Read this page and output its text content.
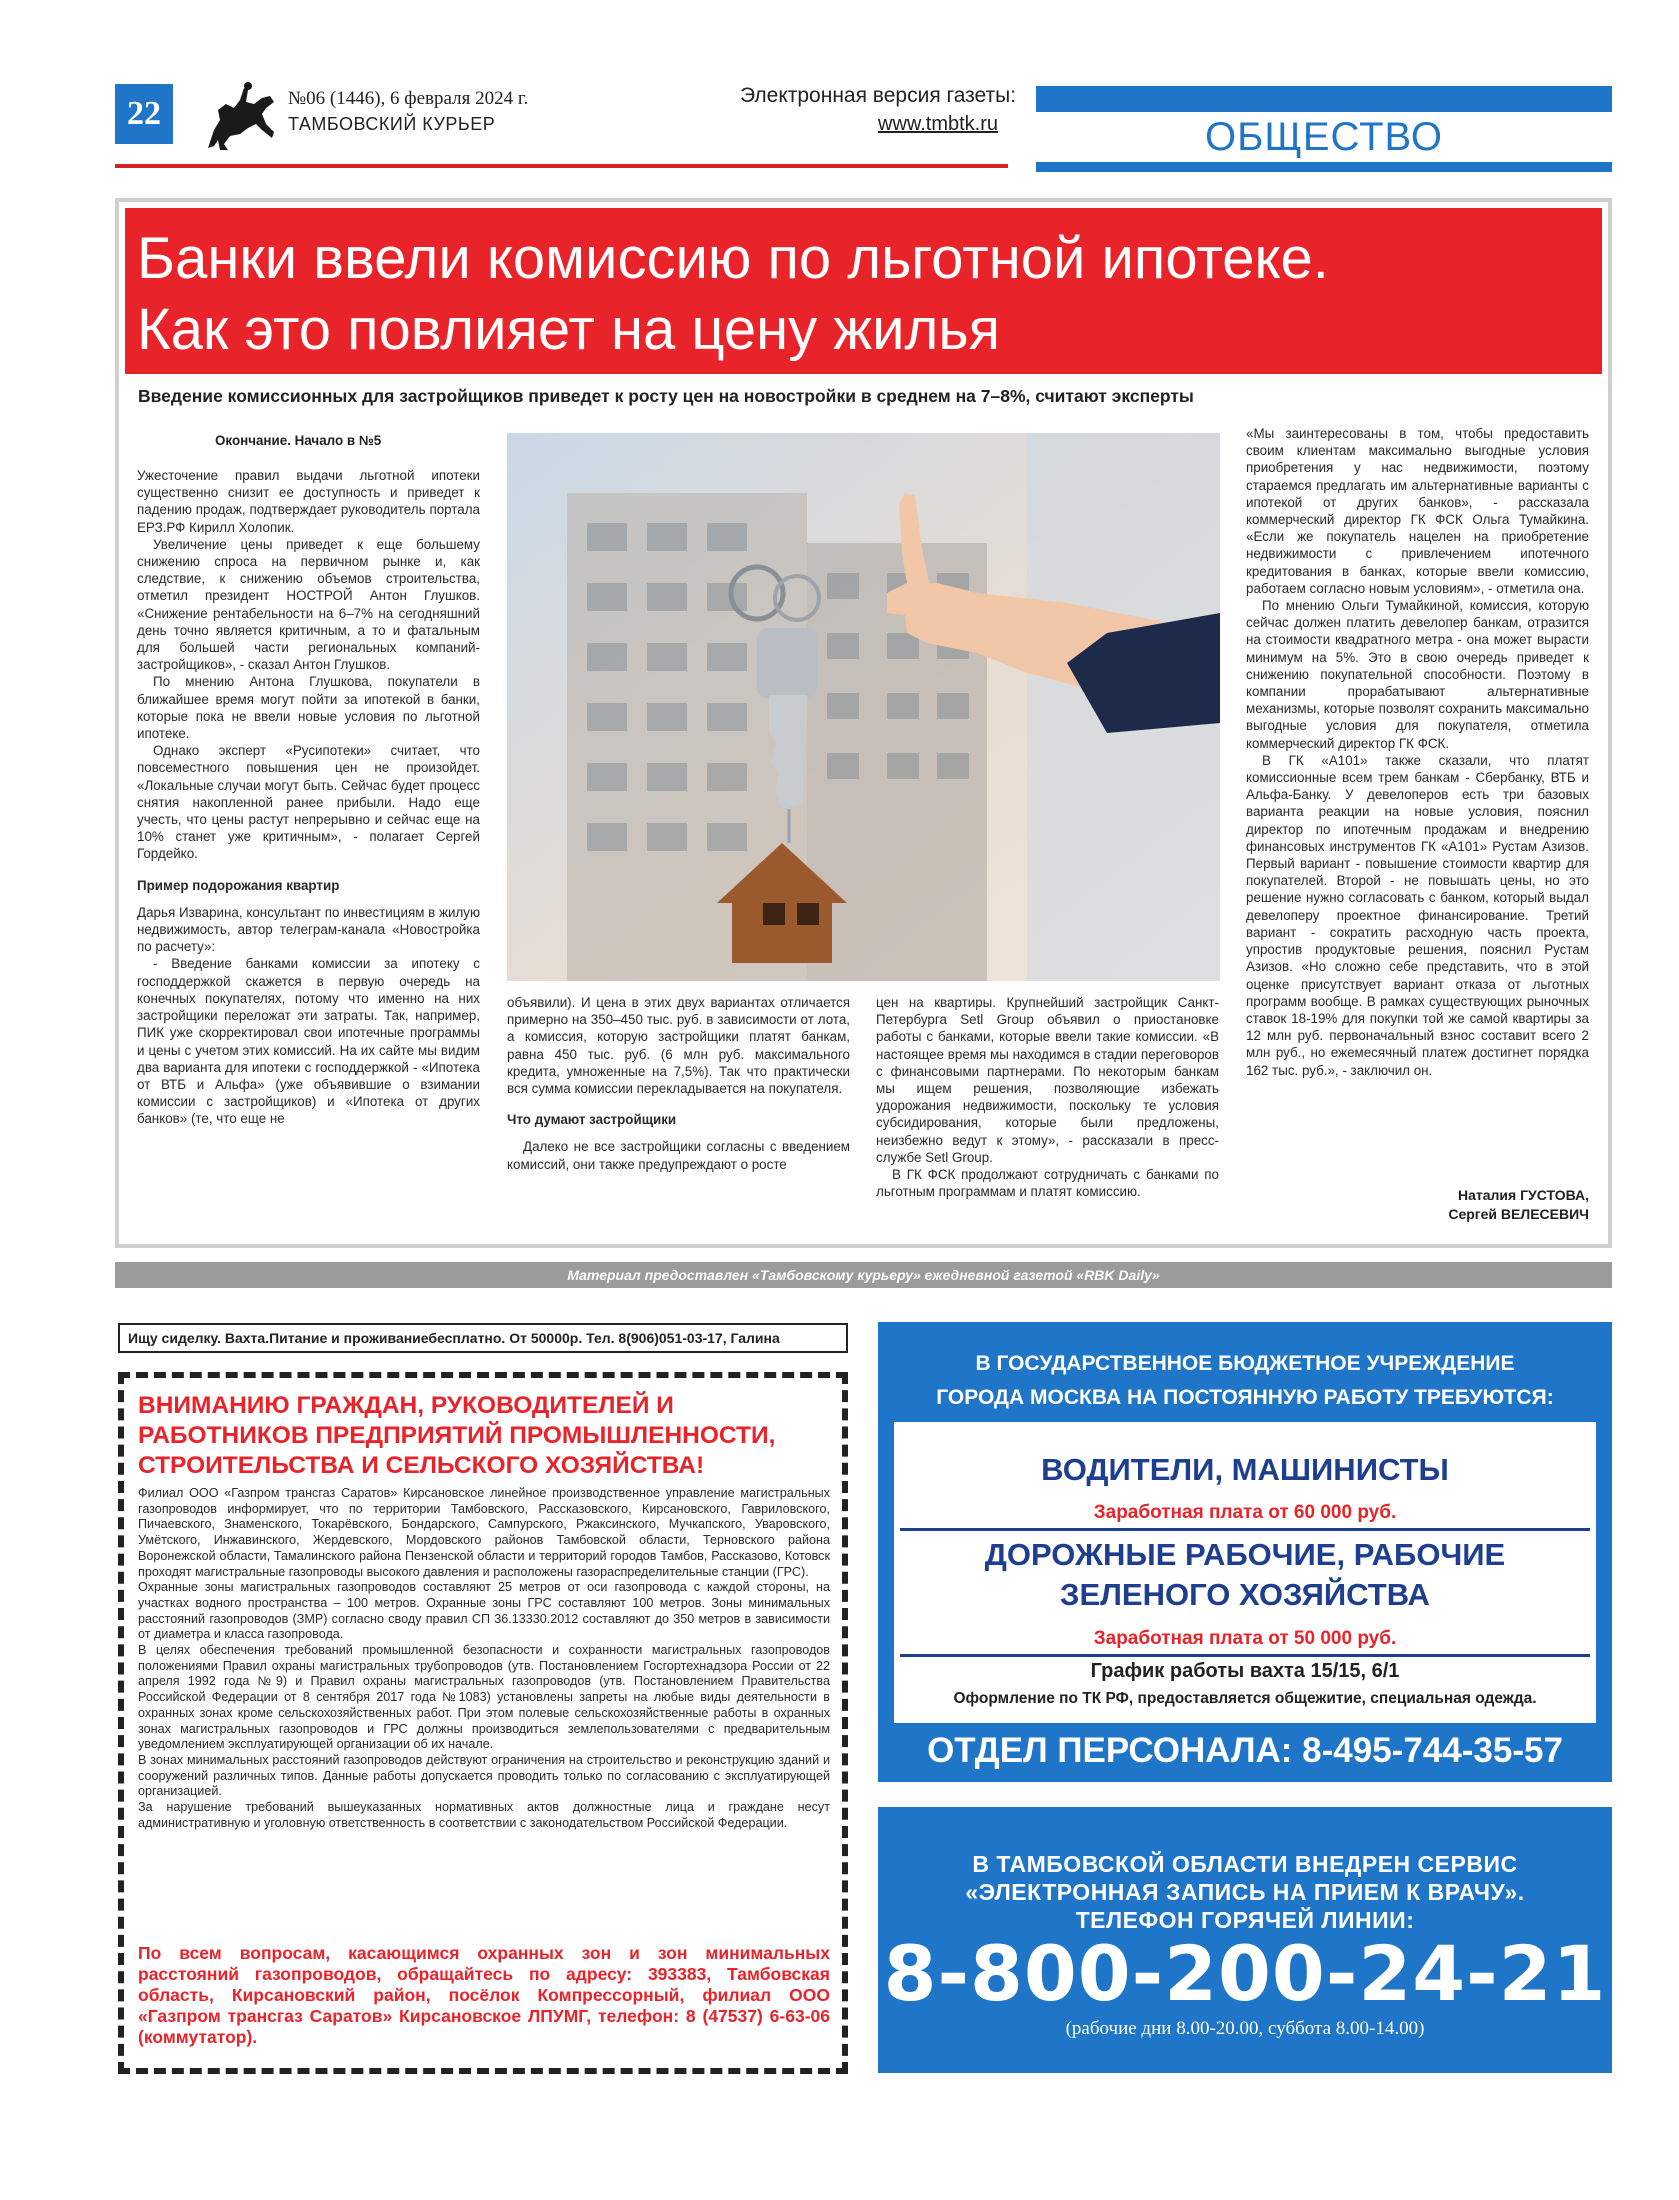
22	№06 (1446), 6 февраля 2024 г.
ТАМБОВСКИЙ КУРЬЕР
Электронная версия газеты:
www.tmbtk.ru	ОБЩЕСТВО
Банки ввели комиссию по льготной ипотеке.
Как это повлияет на цену жилья
Введение комиссионных для застройщиков приведет к росту цен на новостройки в среднем на 7–8%, считают эксперты
Окончание. Начало в №5

Ужесточение правил выдачи льготной ипотеки существенно снизит ее доступность и приведет к падению продаж, подтверждает руководитель портала ЕРЗ.РФ Кирилл Холопик.

Увеличение цены приведет к еще большему снижению спроса на первичном рынке и, как следствие, к снижению объемов строительства, отметил президент НОСТРОЙ Антон Глушков. «Снижение рентабельности на 6–7% на сегодняшний день точно является критичным, а то и фатальным для большей части региональных компаний-застройщиков», - сказал Антон Глушков.

По мнению Антона Глушкова, покупатели в ближайшее время могут пойти за ипотекой в банки, которые пока не ввели новые условия по льготной ипотеке.

Однако эксперт «Русипотеки» считает, что повсеместного повышения цен не произойдет. «Локальные случаи могут быть. Сейчас будет процесс снятия накопленной ранее прибыли. Надо еще учесть, что цены растут непрерывно и сейчас еще на 10% станет уже критичным», - полагает Сергей Гордейко.

Пример подорожания квартир

Дарья Изварина, консультант по инвестициям в жилую недвижимость, автор телеграм-канала «Новостройка по расчету»:

- Введение банками комиссии за ипотеку с господдержкой скажется в первую очередь на конечных покупателях, потому что именно на них застройщики переложат эти затраты. Так, например, ПИК уже скорректировал свои ипотечные программы и цены с учетом этих комиссий. На их сайте мы видим два варианта для ипотеки с господдержкой - «Ипотека от ВТБ и Альфа» (уже объявившие о взимании комиссии с застройщиков) и «Ипотека от других банков» (те, что еще не

объявили). И цена в этих двух вариантах отличается примерно на 350–450 тыс. руб. в зависимости от лота, а комиссия, которую застройщики платят банкам, равна 450 тыс. руб. (6 млн руб. максимального кредита, умноженные на 7,5%). Так что практически вся сумма комиссии перекладывается на покупателя.

Что думают застройщики

Далеко не все застройщики согласны с введением комиссий, они также предупреждают о росте

цен на квартиры. Крупнейший застройщик Санкт-Петербурга Setl Group объявил о приостановке работы с банками, которые ввели такие комиссии. «В настоящее время мы находимся в стадии переговоров с финансовыми партнерами. По некоторым банкам мы ищем решения, позволяющие избежать удорожания недвижимости, поскольку те условия субсидирования, которые были предложены, неизбежно ведут к этому», - рассказали в пресс-службе Setl Group.

В ГК ФСК продолжают сотрудничать с банками по льготным программам и платят комиссию.

«Мы заинтересованы в том, чтобы предоставить своим клиентам максимально выгодные условия приобретения у нас недвижимости, поэтому стараемся предлагать им альтернативные варианты с ипотекой от других банков», - рассказала коммерческий директор ГК ФСК Ольга Тумайкина. «Если же покупатель нацелен на приобретение недвижимости с привлечением ипотечного кредитования в банках, которые ввели комиссию, работаем согласно новым условиям», - отметила она.

По мнению Ольги Тумайкиной, комиссия, которую сейчас должен платить девелопер банкам, отразится на стоимости квадратного метра - она может вырасти минимум на 5%. Это в свою очередь приведет к снижению покупательной способности. Поэтому в компании прорабатывают альтернативные механизмы, которые позволят сохранить максимально выгодные условия для покупателя, отметила коммерческий директор ГК ФСК.

В ГК «А101» также сказали, что платят комиссионные всем трем банкам - Сбербанку, ВТБ и Альфа-Банку. У девелоперов есть три базовых варианта реакции на новые условия, пояснил директор по ипотечным продажам и внедрению финансовых инструментов ГК «А101» Рустам Азизов. Первый вариант - повышение стоимости квартир для покупателей. Второй - не повышать цены, но это решение нужно согласовать с банком, который выдал девелоперу проектное финансирование. Третий вариант - сократить расходную часть проекта, упростив продуктовые решения, пояснил Рустам Азизов. «Но сложно себе представить, что в этой оценке присутствует вариант отказа от льготных программ вообще. В рамках существующих рыночных ставок 18-19% для покупки той же самой квартиры за 12 млн руб. первоначальный взнос составит всего 2 млн руб., но ежемесячный платеж достигнет порядка 162 тыс. руб.», - заключил он.

Наталия ГУСТОВА,
Сергей ВЕЛЕСЕВИЧ
Материал предоставлен «Тамбовскому курьеру» ежедневной газетой «RBK Daily»
Ищу сиделку. Вахта.Питание и проживаниебесплатно. От 50000р. Тел. 8(906)051-03-17, Галина
ВНИМАНИЮ ГРАЖДАН, РУКОВОДИТЕЛЕЙ И РАБОТНИКОВ ПРЕДПРИЯТИЙ ПРОМЫШЛЕННОСТИ, СТРОИТЕЛЬСТВА И СЕЛЬСКОГО ХОЗЯЙСТВА!

Филиал ООО «Газпром трансгаз Саратов» Кирсановское линейное производственное управление магистральных газопроводов информирует, что по территории Тамбовского, Рассказовского, Кирсановского, Гавриловского, Пичаевского, Знаменского, Токарёвского, Бондарского, Сампурского, Ржаксинского, Мучкапского, Уваровского, Умётского, Инжавинского, Жердевского, Мордовского районов Тамбовской области, Терновского района Воронежской области, Тамалинского района Пензенской области и территорий городов Тамбов, Рассказово, Котовск проходят магистральные газопроводы высокого давления и расположены газораспределительные станции (ГРС).

Охранные зоны магистральных газопроводов составляют 25 метров от оси газопровода с каждой стороны, на участках водного пространства – 100 метров. Охранные зоны ГРС составляют 100 метров. Зоны минимальных расстояний газопроводов (ЗМР) согласно своду правил СП 36.13330.2012 составляют до 350 метров в зависимости от диаметра и класса газопровода.

В целях обеспечения требований промышленной безопасности и сохранности магистральных газопроводов положениями Правил охраны магистральных трубопроводов (утв. Постановлением Госгортехнадзора России от 22 апреля 1992 года №9) и Правил охраны магистральных газопроводов (утв. Постановлением Правительства Российской Федерации от 8 сентября 2017 года №1083) установлены запреты на любые виды деятельности в охранных зонах кроме сельскохозяйственных работ. При этом полевые сельскохозяйственные работы в охранных зонах магистральных газопроводов и ГРС должны производиться землепользователями с предварительным уведомлением эксплуатирующей организации об их начале.

В зонах минимальных расстояний газопроводов действуют ограничения на строительство и реконструкцию зданий и сооружений различных типов. Данные работы допускается проводить только по согласованию с эксплуатирующей организацией.

За нарушение требований вышеуказанных нормативных актов должностные лица и граждане несут административную и уголовную ответственность в соответствии с законодательством Российской Федерации.

По всем вопросам, касающимся охранных зон и зон минимальных расстояний газопроводов, обращайтесь по адресу: 393383, Тамбовская область, Кирсановский район, посёлок Компрессорный, филиал ООО «Газпром трансгаз Саратов» Кирсановское ЛПУМГ, телефон: 8 (47537) 6-63-06 (коммутатор).
В ГОСУДАРСТВЕННОЕ БЮДЖЕТНОЕ УЧРЕЖДЕНИЕ
ГОРОДА МОСКВА НА ПОСТОЯННУЮ РАБОТУ ТРЕБУЮТСЯ:
ВОДИТЕЛИ, МАШИНИСТЫ
Заработная плата от 60 000 руб.
ДОРОЖНЫЕ РАБОЧИЕ, РАБОЧИЕ
ЗЕЛЕНОГО ХОЗЯЙСТВА
Заработная плата от 50 000 руб.
График работы вахта 15/15, 6/1
Оформление по ТК РФ, предоставляется общежитие, специальная одежда.
ОТДЕЛ ПЕРСОНАЛА: 8-495-744-35-57
В ТАМБОВСКОЙ ОБЛАСТИ ВНЕДРЕН СЕРВИС
«ЭЛЕКТРОННАЯ ЗАПИСЬ НА ПРИЕМ К ВРАЧУ».
ТЕЛЕФОН ГОРЯЧЕЙ ЛИНИИ:
8-800-200-24-21
(рабочие дни 8.00-20.00, суббота 8.00-14.00)
